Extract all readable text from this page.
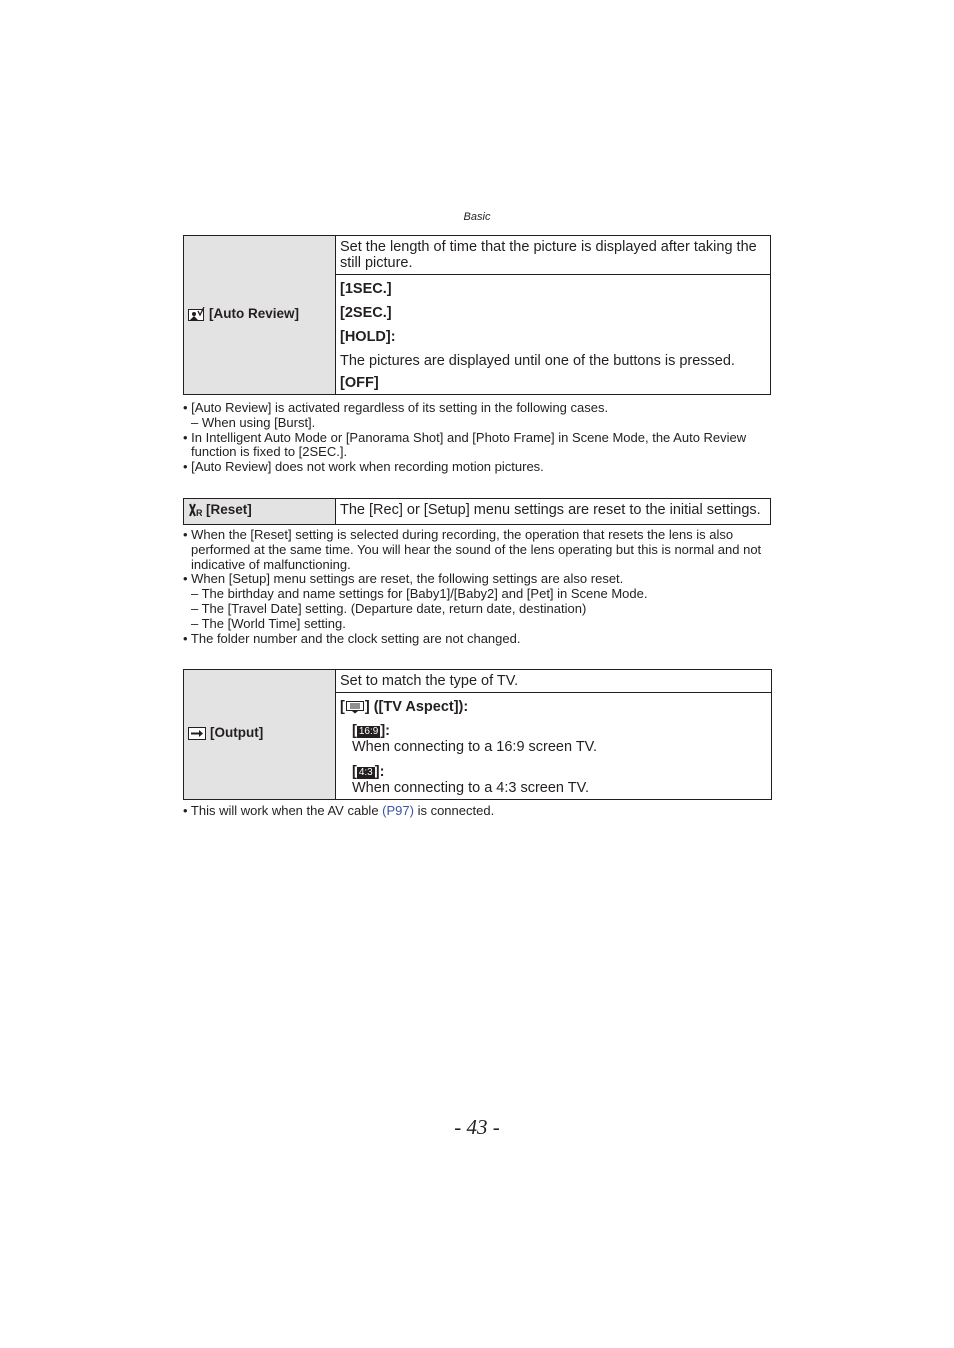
Basic
[Auto Review]	Set the length of time that the picture is displayed after taking the still picture.

[1SEC.]
[2SEC.]
[HOLD]:
The pictures are displayed until one of the buttons is pressed.
[OFF]
• [Auto Review] is activated regardless of its setting in the following cases.
– When using [Burst].
• In Intelligent Auto Mode or [Panorama Shot] and [Photo Frame] in Scene Mode, the Auto Review function is fixed to [2SEC.].
• [Auto Review] does not work when recording motion pictures.
R [Reset]	The [Rec] or [Setup] menu settings are reset to the initial settings.
• When the [Reset] setting is selected during recording, the operation that resets the lens is also performed at the same time. You will hear the sound of the lens operating but this is normal and not indicative of malfunctioning.
• When [Setup] menu settings are reset, the following settings are also reset.
– The birthday and name settings for [Baby1]/[Baby2] and [Pet] in Scene Mode.
– The [Travel Date] setting. (Departure date, return date, destination)
– The [World Time] setting.
• The folder number and the clock setting are not changed.
[Output]	Set to match the type of TV.

[ ] ([TV Aspect]):
[ 16:9 ]:
When connecting to a 16:9 screen TV.
[ 4:3 ]:
When connecting to a 4:3 screen TV.
• This will work when the AV cable (P97) is connected.
- 43 -
